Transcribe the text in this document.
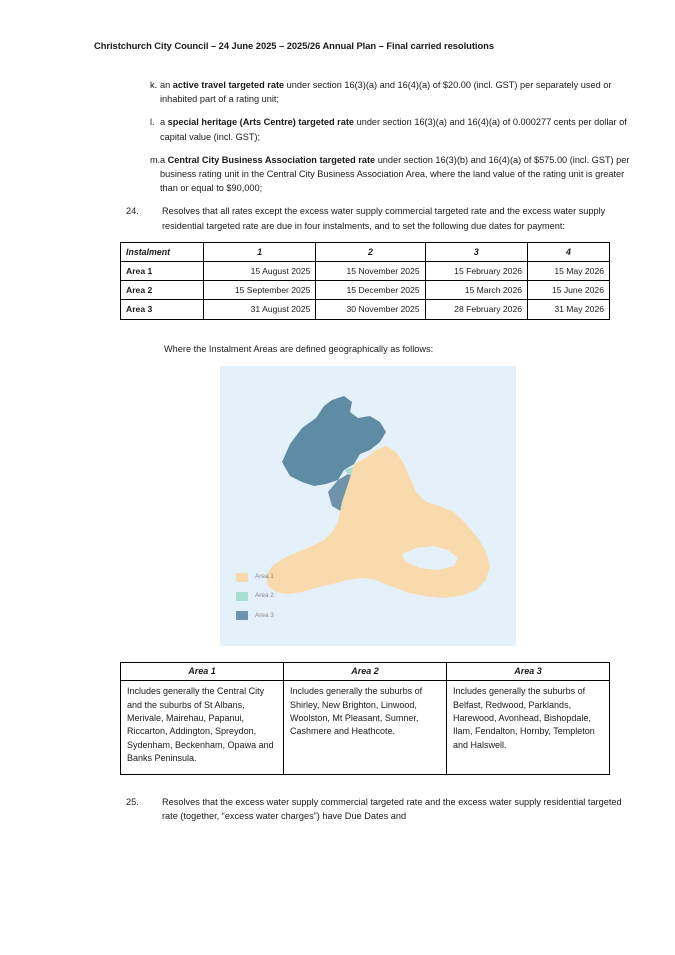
Christchurch City Council – 24 June 2025 – 2025/26 Annual Plan – Final carried resolutions
k. an active travel targeted rate under section 16(3)(a) and 16(4)(a) of $20.00 (incl. GST) per separately used or inhabited part of a rating unit;
l. a special heritage (Arts Centre) targeted rate under section 16(3)(a) and 16(4)(a) of 0.000277 cents per dollar of capital value (incl. GST);
m. a Central City Business Association targeted rate under section 16(3)(b) and 16(4)(a) of $575.00 (incl. GST) per business rating unit in the Central City Business Association Area, where the land value of the rating unit is greater than or equal to $90,000;
24.	Resolves that all rates except the excess water supply commercial targeted rate and the excess water supply residential targeted rate are due in four instalments, and to set the following due dates for payment:
Instalment	1	2	3	4
Area 1	15 August 2025	15 November 2025	15 February 2026	15 May 2026
Area 2	15 September 2025	15 December 2025	15 March 2026	15 June 2026
Area 3	31 August 2025	30 November 2025	28 February 2026	31 May 2026
Where the Instalment Areas are defined geographically as follows:
Area 1
Area 2
Area 3
Area 1	Area 2	Area 3
Includes generally the Central City and the suburbs of St Albans, Merivale, Mairehau, Papanui, Riccarton, Addington, Spreydon, Sydenham, Beckenham, Opawa and Banks Peninsula.	Includes generally the suburbs of Shirley, New Brighton, Linwood, Woolston, Mt Pleasant, Sumner, Cashmere and Heathcote.	Includes generally the suburbs of Belfast, Redwood, Parklands, Harewood, Avonhead, Bishopdale, Ilam, Fendalton, Hornby, Templeton and Halswell.
25.	Resolves that the excess water supply commercial targeted rate and the excess water supply residential targeted rate (together, “excess water charges”) have Due Dates and
